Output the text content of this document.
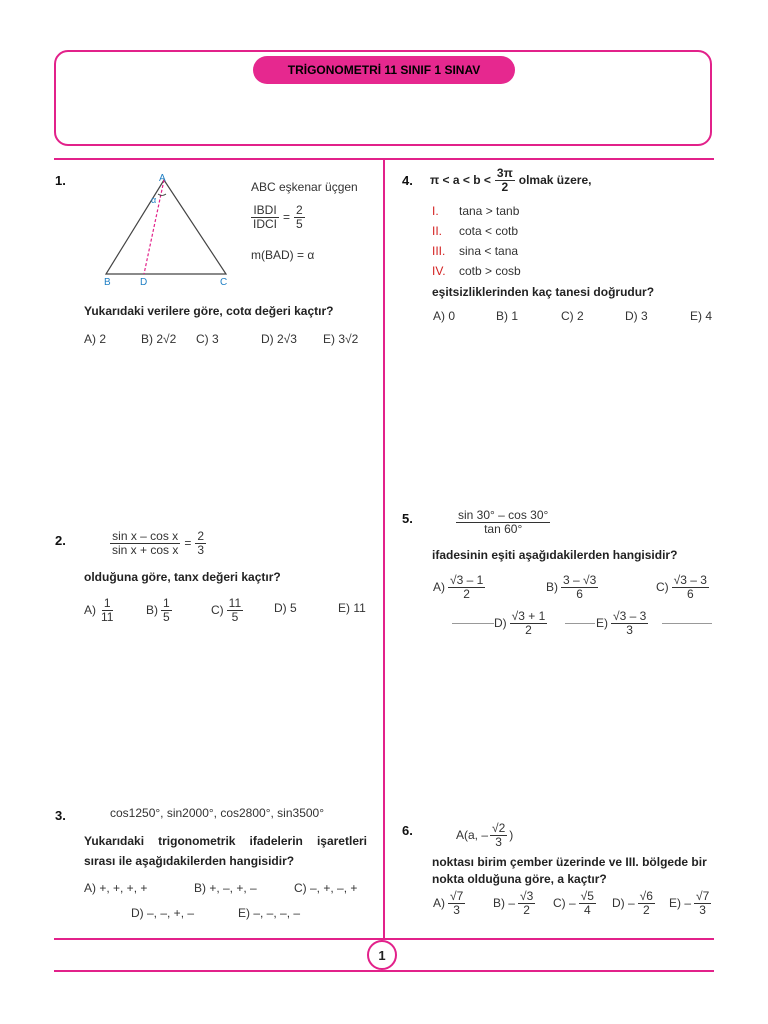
TRİGONOMETRİ 11 SINIF 1 SINAV
1
1.	A
α
B	D	C
ABC eşkenar üçgen
$\frac{\text{IBDI}}{\text{IDCI}} = \frac{2}{5}$
m(BAD) = α
Yukarıdaki verilere göre, cotα değeri kaçtır?
A) 2	B) 2√2 C) 3	D) 2√3 E) 3√2
2.	$\frac{\text{sin x – cos x}}{\text{sin x + cos x}} = \frac{2}{3}$
olduğuna göre, tanx değeri kaçtır?
$A) \frac{1}{11}$	$B) \frac{1}{5}$	$C) \frac{11}{5}$	D) 5	E) 11
3.	cos1250°, sin2000°, cos2800°, sin3500°
Yukarıdaki trigonometrik ifadelerin işaretleri
sırası ile aşağıdakilerden hangisidir?
A) +, +, +, +	B) +, –, +, –	C) –, +, –, +
D) –, –, +, –	E) –, –, –, –
4. $\pi < a < b < \frac{3\pi}{2}$ olmak üzere,
I. tana > tanb
II. cota < cotb
III. sina < tana
IV. cotb > cosb
eşitsizliklerinden kaç tanesi doğrudur?
A) 0	B) 1	C) 2	D) 3	E) 4
5.	$\frac{\sin 30^\circ - \cos 30^\circ}{\tan 60^\circ}$
ifadesinin eşiti aşağıdakilerden hangisidir?
$A) \frac{√3 - 1}{2}$	$B) \frac{3 - √3}{6}$	$C) \frac{√3 - 3}{6}$
$D) \frac{√3 + 1}{2}$	$E) \frac{√3 - 3}{3}$
6.	A(a, – $\frac{√2}{3}$ )
noktası birim çember üzerinde ve III. bölgede bir
nokta olduğuna göre, a kaçtır?
$A) \frac{√7}{3} B) - \frac{√3}{2} C) - \frac{√5}{4} D) - \frac{√6}{2} E) - \frac{√7}{3}$
